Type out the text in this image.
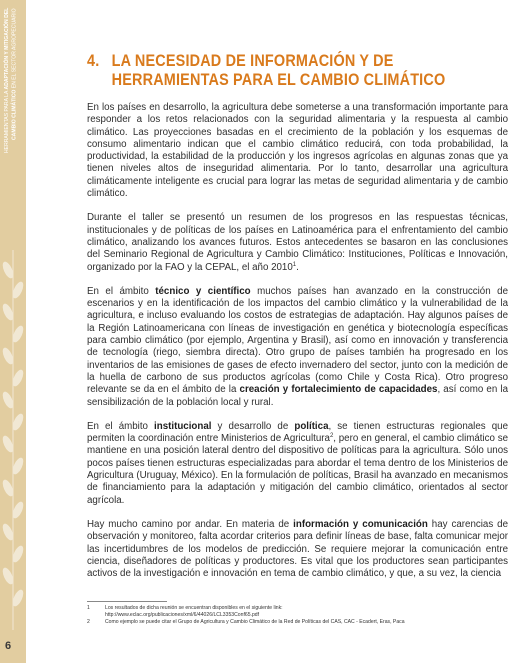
HERRAMIENTAS PARA LA ADAPTACIÓN Y MITIGACIÓN DEL
CAMBIO CLIMÁTICO EN EL SECTOR AGROPECUARIO
6
4. LA NECESIDAD DE INFORMACIÓN Y DE
HERRAMIENTAS PARA EL CAMBIO CLIMÁTICO

En los países en desarrollo, la agricultura debe someterse a una transformación importante para responder a los retos relacionados con la seguridad alimentaria y la respuesta al cambio climático. Las proyecciones basadas en el crecimiento de la población y los esquemas de consumo alimentario indican que el cambio climático reducirá, con toda probabilidad, la productividad, la estabilidad de la producción y los ingresos agrícolas en algunas zonas que ya tienen niveles altos de inseguridad alimentaria. Por lo tanto, desarrollar una agricultura climáticamente inteligente es crucial para lograr las metas de seguridad alimentaria y de cambio climático.

Durante el taller se presentó un resumen de los progresos en las respuestas técnicas, institucionales y de políticas de los países en Latinoamérica para el enfrentamiento del cambio climático, analizando los avances futuros. Estos antecedentes se basaron en las conclusiones del Seminario Regional de Agricultura y Cambio Climático: Instituciones, Políticas e Innovación, organizado por la FAO y la CEPAL, el año 2010$^1$.

En el ámbito técnico y científico muchos países han avanzado en la construcción de escenarios y en la identificación de los impactos del cambio climático y la vulnerabilidad de la agricultura, e incluso evaluando los costos de estrategias de adaptación. Hay algunos países de la Región Latinoamericana con líneas de investigación en genética y biotecnología específicas para cambio climático (por ejemplo, Argentina y Brasil), así como en innovación y transferencia de tecnología (riego, siembra directa). Otro grupo de países también ha progresado en los inventarios de las emisiones de gases de efecto invernadero del sector, junto con la medición de la huella de carbono de sus productos agrícolas (como Chile y Costa Rica). Otro progreso relevante se da en el ámbito de la creación y fortalecimiento de capacidades, así como en la sensibilización de la población local y rural.

En el ámbito institucional y desarrollo de política, se tienen estructuras regionales que permiten la coordinación entre Ministerios de Agricultura$^2$, pero en general, el cambio climático se mantiene en una posición lateral dentro del dispositivo de políticas para la agricultura. Sólo unos pocos países tienen estructuras especializadas para abordar el tema dentro de los Ministerios de Agricultura (Uruguay, México). En la formulación de políticas, Brasil ha avanzado en mecanismos de financiamiento para la adaptación y mitigación del cambio climático, orientados al sector agrícola.

Hay mucho camino por andar. En materia de información y comunicación hay carencias de observación y monitoreo, falta acordar criterios para definir líneas de base, falta comunicar mejor las incertidumbres de los modelos de predicción. Se requiere mejorar la comunicación entre ciencia, diseñadores de políticas y productores. Es vital que los productores sean participantes activos de la investigación e innovación en tema de cambio climático, y que, a su vez, la ciencia

1	Los resultados de dicha reunión se encuentran disponibles en el siguiente link:
http://www.eclac.org/publicaciones/xml/6/44026/LCL3353Conf65.pdf
2	Como ejemplo se puede citar el Grupo de Agricultura y Cambio Climático de la Red de Políticas del CAS, CAC - Ecadert, Eras, Paca
